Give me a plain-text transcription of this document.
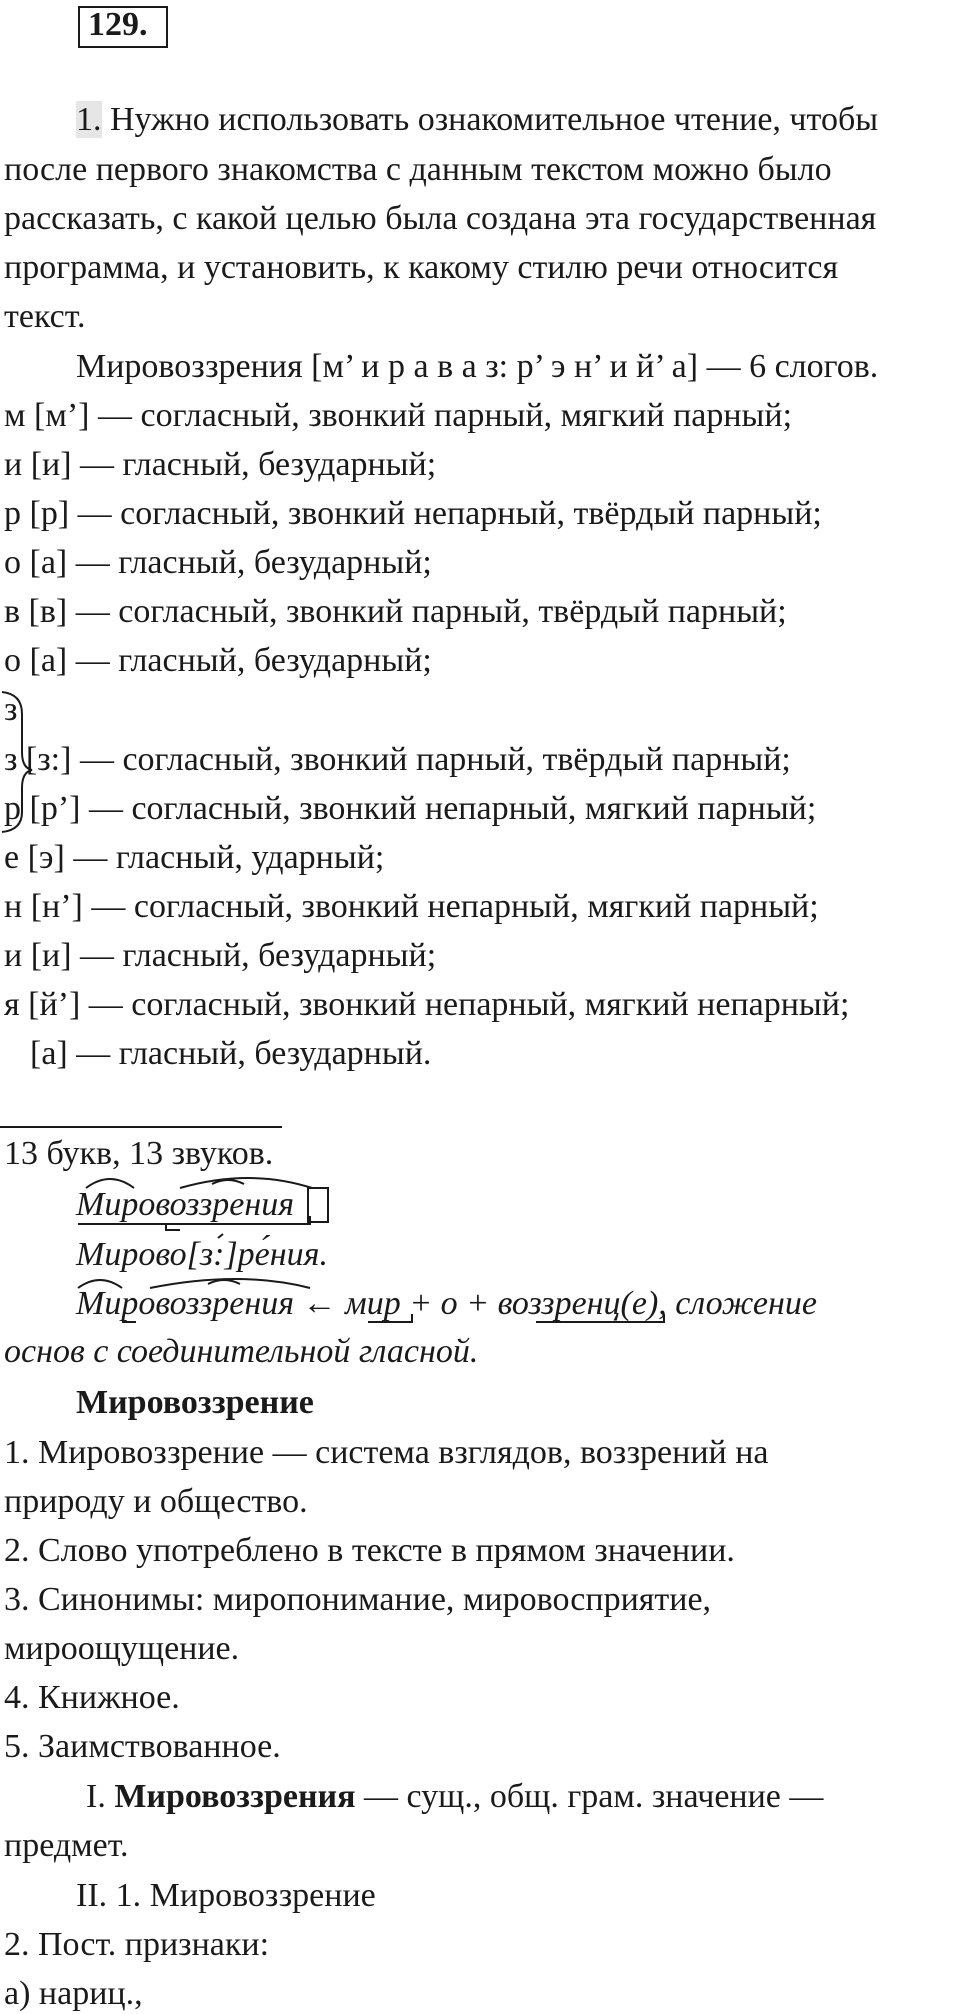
129.
1. Нужно использовать ознакомительное чтение, чтобы
после первого знакомства с данным текстом можно было
рассказать, с какой целью была создана эта государственная
программа, и установить, к какому стилю речи относится
текст.
Мировоззрения [м’ и р а в а з: р’ э н’ и й’ а] — 6 слогов.
м [м’] — согласный, звонкий парный, мягкий парный;
и [и] — гласный, безударный;
р [р] — согласный, звонкий непарный, твёрдый парный;
о [а] — гласный, безударный;
в [в] — согласный, звонкий парный, твёрдый парный;
о [а] — гласный, безударный;
з
з [з:] — согласный, звонкий парный, твёрдый парный;
р [р’] — согласный, звонкий непарный, мягкий парный;
е [э] — гласный, ударный;
н [н’] — согласный, звонкий непарный, мягкий парный;
и [и] — гласный, безударный;
я [й’] — согласный, звонкий непарный, мягкий непарный;
[а] — гласный, безударный.
13 букв, 13 звуков.
Мировоззрения
Мирово[з:]ре́ния.
Мировоззрения ← мир + о + воззренц(е), сложение
основ с соединительной гласной.
Мировоззрение
1. Мировоззрение — система взглядов, воззрений на
природу и общество.
2. Слово употреблено в тексте в прямом значении.
3. Синонимы: миропонимание, мировосприятие,
мироощущение.
4. Книжное.
5. Заимствованное.
I. Мировоззрения — сущ., общ. грам. значение —
предмет.
II. 1. Мировоззрение
2. Пост. признаки:
а) нариц.,
